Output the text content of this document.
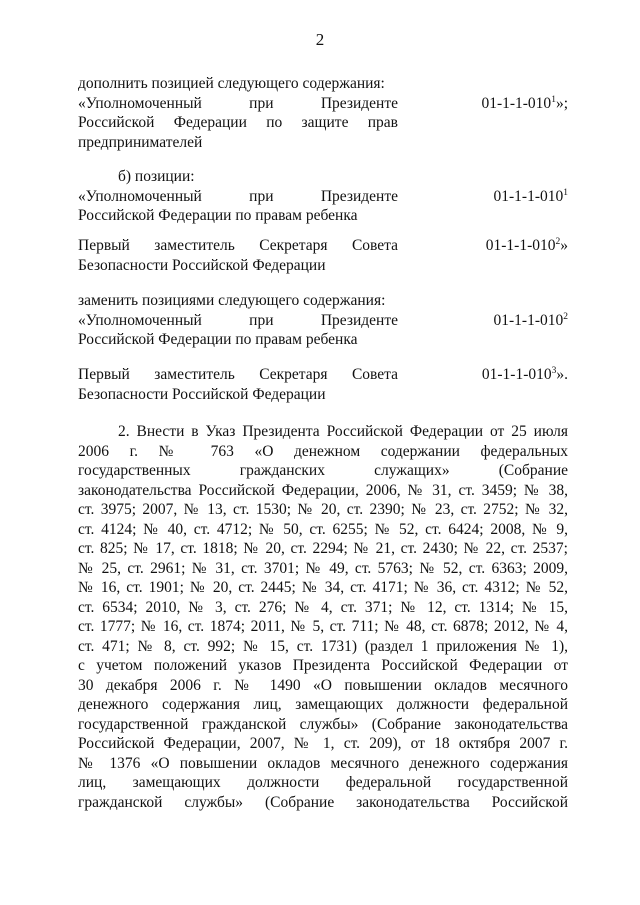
2
дополнить позицией следующего содержания:
«Уполномоченный при Президенте
Российской Федерации по защите прав
предпринимателей
$01-1-1-010^1$»;
б) позиции:
«Уполномоченный при Президенте
Российской Федерации по правам ребенка
$01-1-1-010^1$
Первый заместитель Секретаря Совета
Безопасности Российской Федерации
$01-1-1-010^2$»
заменить позициями следующего содержания:
«Уполномоченный при Президенте
Российской Федерации по правам ребенка
$01-1-1-010^2$
Первый заместитель Секретаря Совета
Безопасности Российской Федерации
$01-1-1-010^3$».
2. Внести в Указ Президента Российской Федерации от 25 июля
2006 г. № 763 «О денежном содержании федеральных
государственных гражданских служащих» (Собрание
законодательства Российской Федерации, 2006, № 31, ст. 3459; № 38,
ст. 3975; 2007, № 13, ст. 1530; № 20, ст. 2390; № 23, ст. 2752; № 32,
ст. 4124; № 40, ст. 4712; № 50, ст. 6255; № 52, ст. 6424; 2008, № 9,
ст. 825; № 17, ст. 1818; № 20, ст. 2294; № 21, ст. 2430; № 22, ст. 2537;
№ 25, ст. 2961; № 31, ст. 3701; № 49, ст. 5763; № 52, ст. 6363; 2009,
№ 16, ст. 1901; № 20, ст. 2445; № 34, ст. 4171; № 36, ст. 4312; № 52,
ст. 6534; 2010, № 3, ст. 276; № 4, ст. 371; № 12, ст. 1314; № 15,
ст. 1777; № 16, ст. 1874; 2011, № 5, ст. 711; № 48, ст. 6878; 2012, № 4,
ст. 471; № 8, ст. 992; № 15, ст. 1731) (раздел 1 приложения № 1),
с учетом положений указов Президента Российской Федерации от
30 декабря 2006 г. № 1490 «О повышении окладов месячного
денежного содержания лиц, замещающих должности федеральной
государственной гражданской службы» (Собрание законодательства
Российской Федерации, 2007, № 1, ст. 209), от 18 октября 2007 г.
№ 1376 «О повышении окладов месячного денежного содержания
лиц, замещающих должности федеральной государственной
гражданской службы» (Собрание законодательства Российской
